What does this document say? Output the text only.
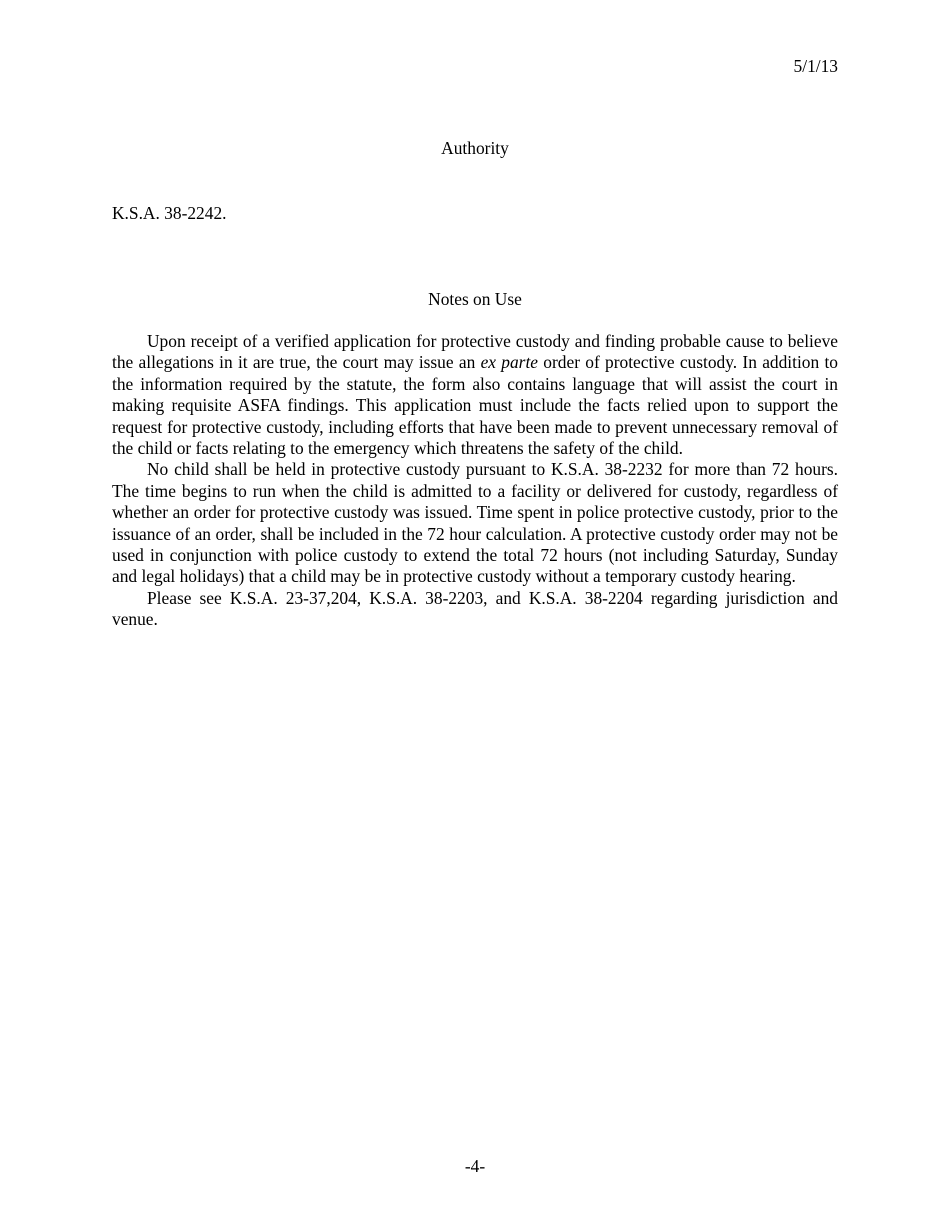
5/1/13
Authority
K.S.A. 38-2242.
Notes on Use

Upon receipt of a verified application for protective custody and finding probable cause to believe the allegations in it are true, the court may issue an ex parte order of protective custody. In addition to the information required by the statute, the form also contains language that will assist the court in making requisite ASFA findings. This application must include the facts relied upon to support the request for protective custody, including efforts that have been made to prevent unnecessary removal of the child or facts relating to the emergency which threatens the safety of the child.

No child shall be held in protective custody pursuant to K.S.A. 38-2232 for more than 72 hours. The time begins to run when the child is admitted to a facility or delivered for custody, regardless of whether an order for protective custody was issued. Time spent in police protective custody, prior to the issuance of an order, shall be included in the 72 hour calculation. A protective custody order may not be used in conjunction with police custody to extend the total 72 hours (not including Saturday, Sunday and legal holidays) that a child may be in protective custody without a temporary custody hearing.

Please see K.S.A. 23-37,204, K.S.A. 38-2203, and K.S.A. 38-2204 regarding jurisdiction and venue.

-4-
